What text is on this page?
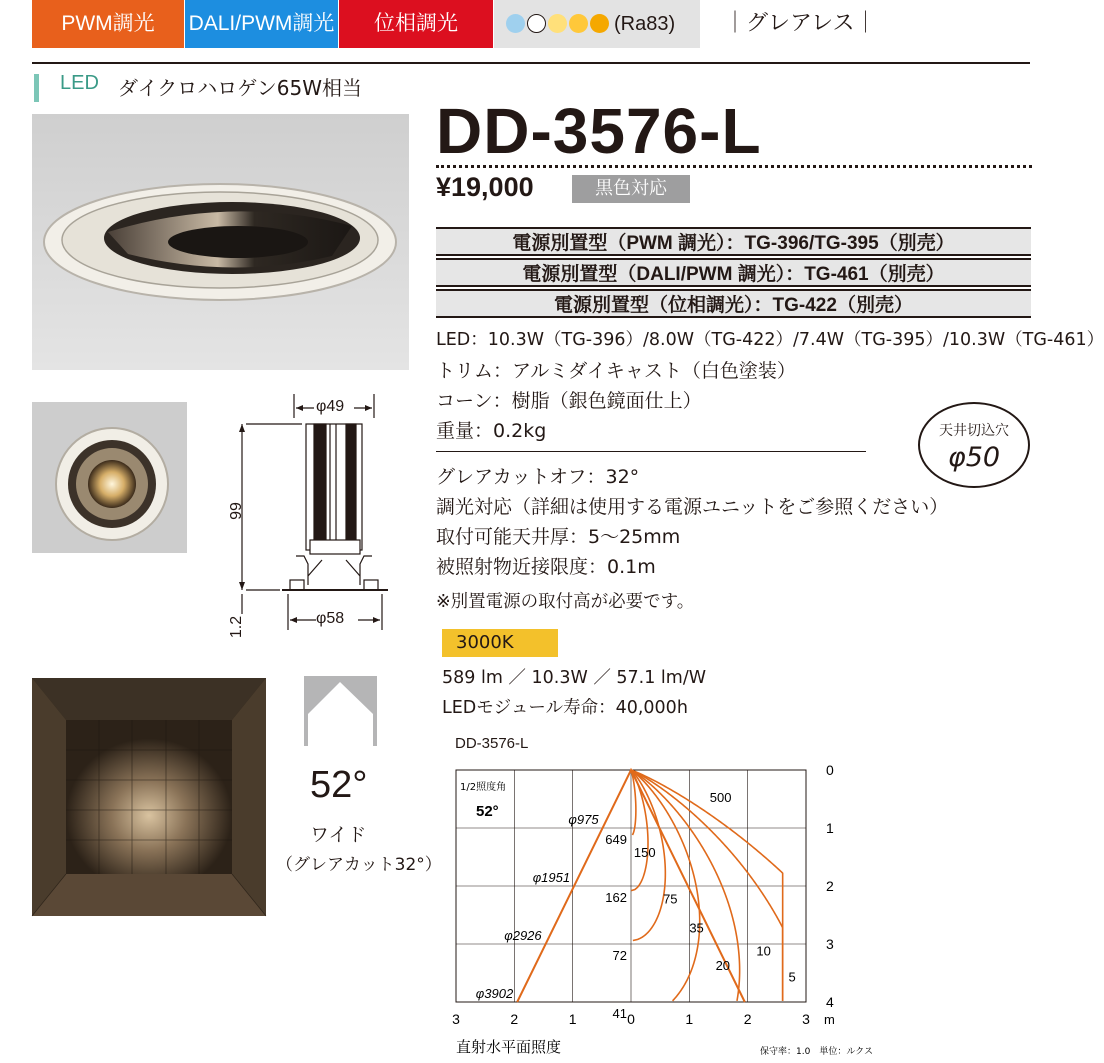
PWM調光	DALI/PWM調光	位相調光	(Ra83) ｜グレアレス｜
LED ダイクロハロゲン65W相当
φ49
99
φ58
1.2
52°
ワイド
（グレアカット32°）
DD-3576-L
¥19,000	黒色対応
電源別置型（PWM 調光）：TG-396/TG-395（別売）
電源別置型（DALI/PWM 調光）：TG-461（別売）
電源別置型（位相調光）：TG-422（別売）
LED：10.3W（TG-396）/8.0W（TG-422）/7.4W（TG-395）/10.3W（TG-461）
トリム：アルミダイキャスト（白色塗装）
コーン：樹脂（銀色鏡面仕上）
重量：0.2kg	天井切込穴
φ50
グレアカットオフ：32°
調光対応（詳細は使用する電源ユニットをご参照ください）
取付可能天井厚：5〜25mm
被照射物近接限度：0.1m
※別置電源の取付高が必要です。
3000K
589 lm ／ 10.3W ／ 57.1 lm/W
LEDモジュール寿命：40,000h
DD-3576-L
3	2	1	0	1	2	3 m
0
1
2
3
4
直射水平面照度	保守率：1.0　単位：ルクス
1/2照度角
52°	φ975
φ1951
φ2926
φ3902
649
162
72
41
500
150
75
35
20
10
5
